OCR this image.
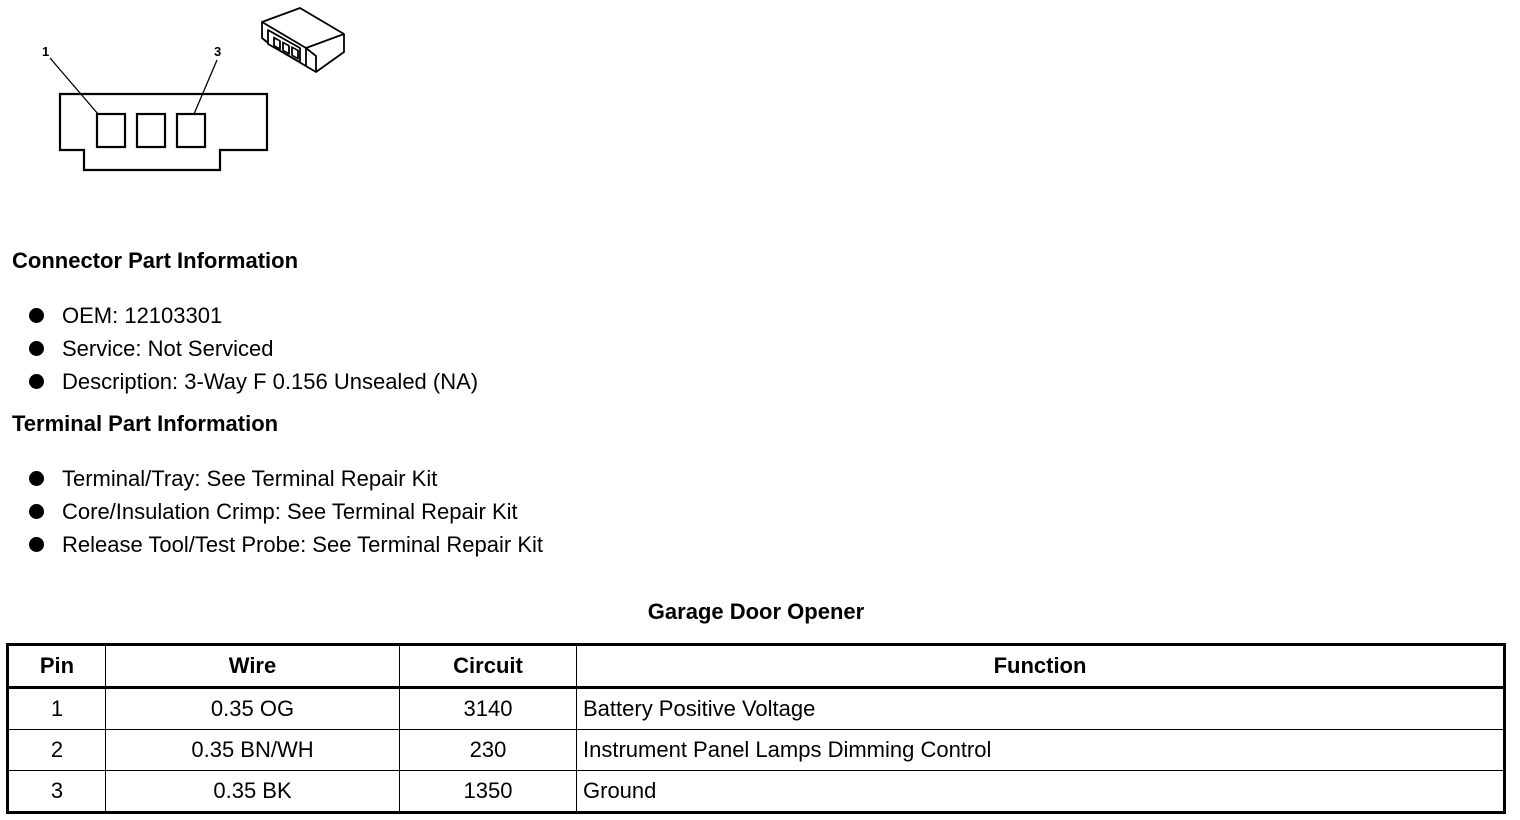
1	3
Connector Part Information
OEM: 12103301
Service: Not Serviced
Description: 3-Way F 0.156 Unsealed (NA)
Terminal Part Information
Terminal/Tray: See Terminal Repair Kit
Core/Insulation Crimp: See Terminal Repair Kit
Release Tool/Test Probe: See Terminal Repair Kit
Garage Door Opener
Pin	Wire	Circuit	Function
1	0.35 OG	3140	Battery Positive Voltage
2	0.35 BN/WH	230	Instrument Panel Lamps Dimming Control
3	0.35 BK	1350	Ground
